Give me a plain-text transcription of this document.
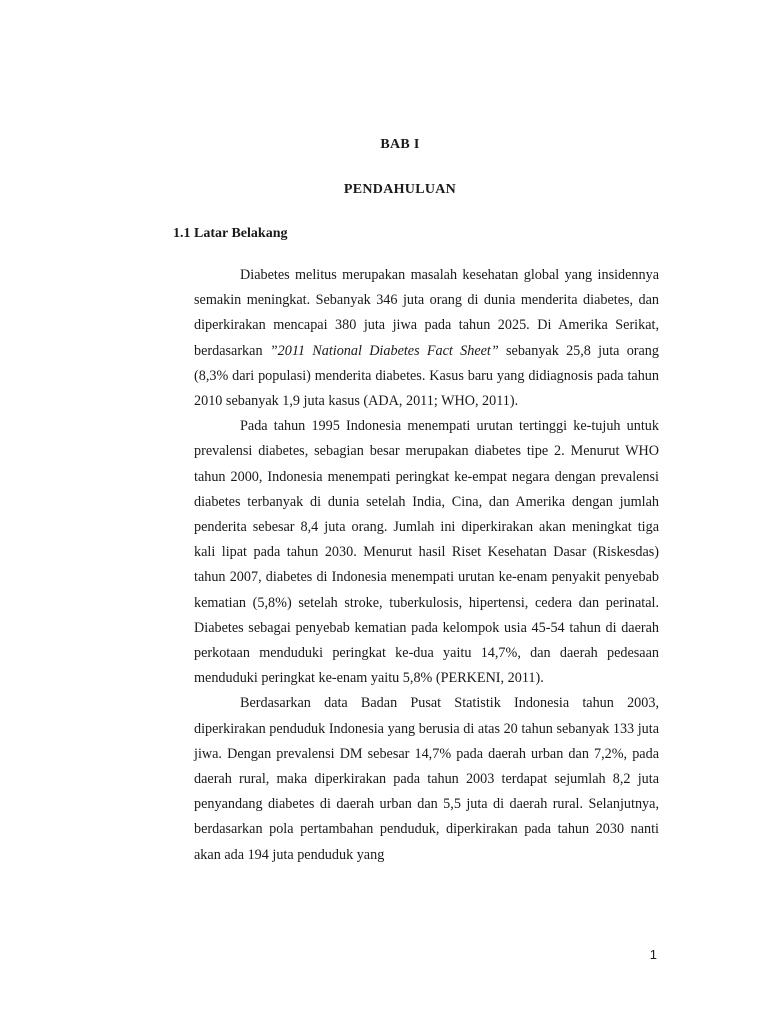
BAB I
PENDAHULUAN
1.1 Latar Belakang

Diabetes melitus merupakan masalah kesehatan global yang insidennya semakin meningkat. Sebanyak 346 juta orang di dunia menderita diabetes, dan diperkirakan mencapai 380 juta jiwa pada tahun 2025. Di Amerika Serikat, berdasarkan ”2011 National Diabetes Fact Sheet” sebanyak 25,8 juta orang (8,3% dari populasi) menderita diabetes. Kasus baru yang didiagnosis pada tahun 2010 sebanyak 1,9 juta kasus (ADA, 2011; WHO, 2011).

Pada tahun 1995 Indonesia menempati urutan tertinggi ke-tujuh untuk prevalensi diabetes, sebagian besar merupakan diabetes tipe 2. Menurut WHO tahun 2000, Indonesia menempati peringkat ke-empat negara dengan prevalensi diabetes terbanyak di dunia setelah India, Cina, dan Amerika dengan jumlah penderita sebesar 8,4 juta orang. Jumlah ini diperkirakan akan meningkat tiga kali lipat pada tahun 2030. Menurut hasil Riset Kesehatan Dasar (Riskesdas) tahun 2007, diabetes di Indonesia menempati urutan ke-enam penyakit penyebab kematian (5,8%) setelah stroke, tuberkulosis, hipertensi, cedera dan perinatal. Diabetes sebagai penyebab kematian pada kelompok usia 45-54 tahun di daerah perkotaan menduduki peringkat ke-dua yaitu 14,7%, dan daerah pedesaan menduduki peringkat ke-enam yaitu 5,8% (PERKENI, 2011).

Berdasarkan data Badan Pusat Statistik Indonesia tahun 2003, diperkirakan penduduk Indonesia yang berusia di atas 20 tahun sebanyak 133 juta jiwa. Dengan prevalensi DM sebesar 14,7% pada daerah urban dan 7,2%, pada daerah rural, maka diperkirakan pada tahun 2003 terdapat sejumlah 8,2 juta penyandang diabetes di daerah urban dan 5,5 juta di daerah rural. Selanjutnya, berdasarkan pola pertambahan penduduk, diperkirakan pada tahun 2030 nanti akan ada 194 juta penduduk yang

1
